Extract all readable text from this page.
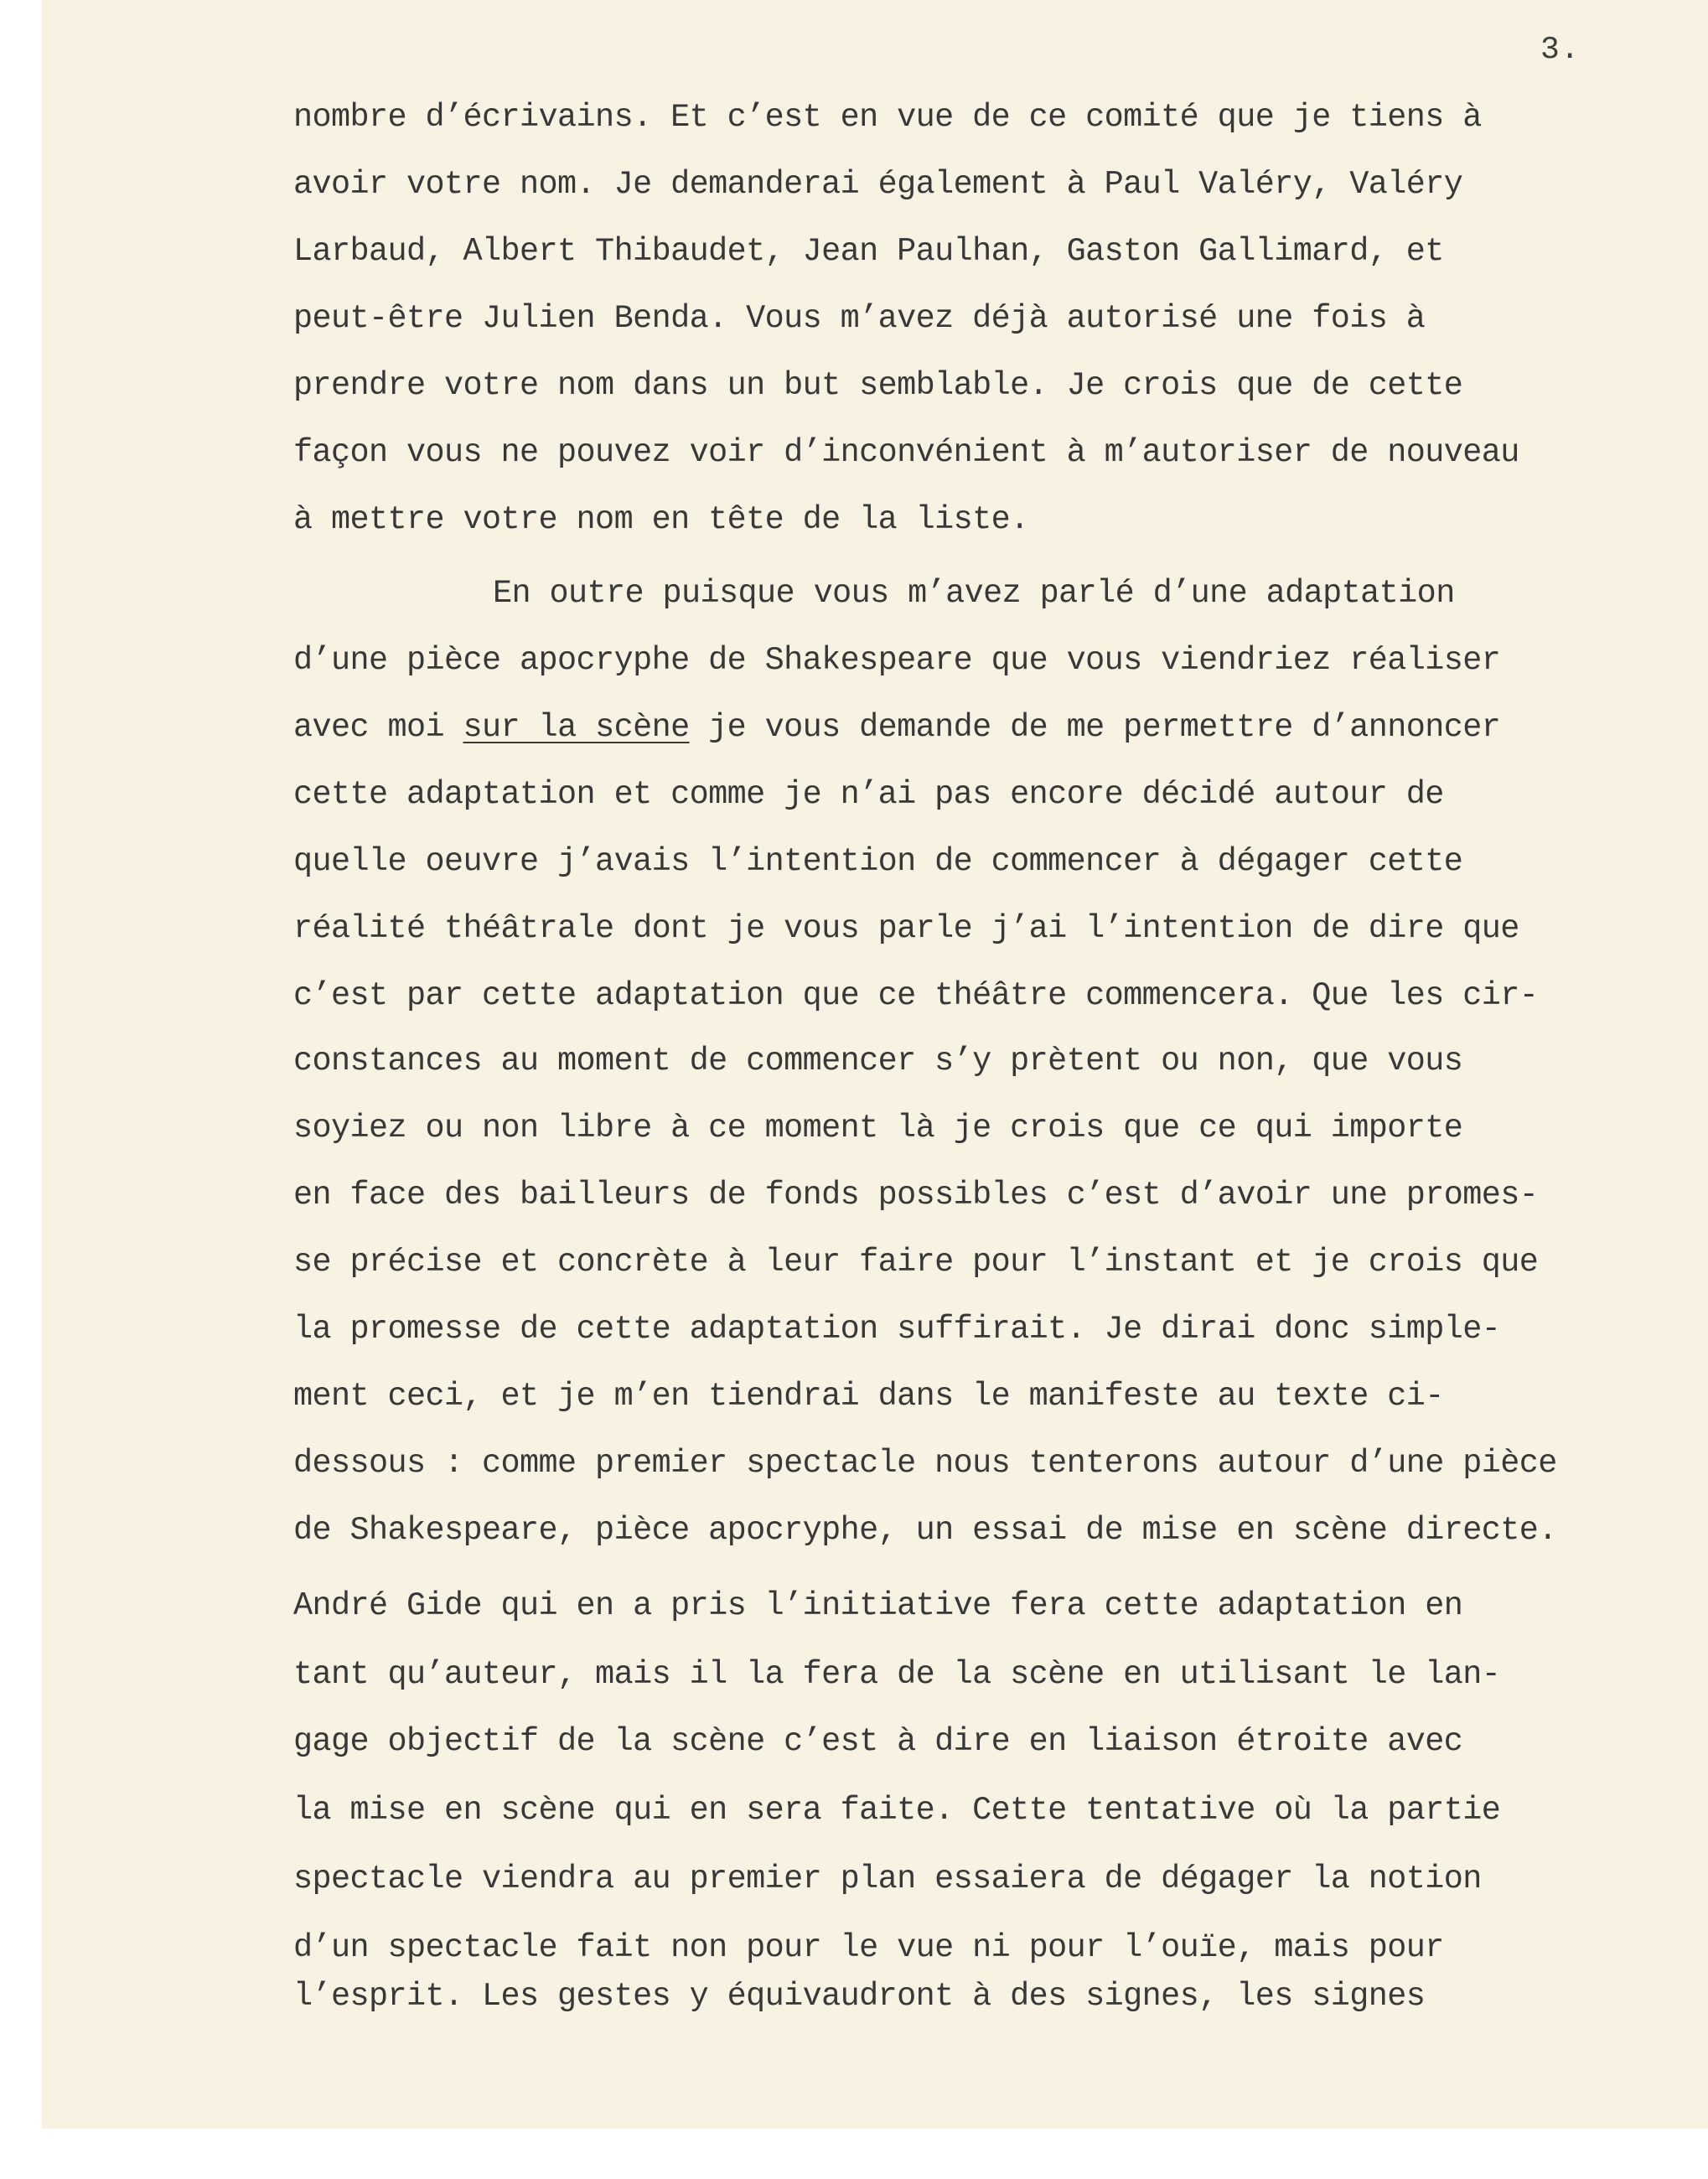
3.
nombre d’écrivains. Et c’est en vue de ce comité que je tiens à
avoir votre nom. Je demanderai également à Paul Valéry, Valéry
Larbaud, Albert Thibaudet, Jean Paulhan, Gaston Gallimard, et
peut-être Julien Benda. Vous m’avez déjà autorisé une fois à
prendre votre nom dans un but semblable. Je crois que de cette
façon vous ne pouvez voir d’inconvénient à m’autoriser de nouveau
à mettre votre nom en tête de la liste.
En outre puisque vous m’avez parlé d’une adaptation
d’une pièce apocryphe de Shakespeare que vous viendriez réaliser
avec moi sur la scène je vous demande de me permettre d’annoncer
cette adaptation et comme je n’ai pas encore décidé autour de
quelle oeuvre j’avais l’intention de commencer à dégager cette
réalité théâtrale dont je vous parle j’ai l’intention de dire que
c’est par cette adaptation que ce théâtre commencera. Que les cir-
constances au moment de commencer s’y prètent ou non, que vous
soyiez ou non libre à ce moment là je crois que ce qui importe
en face des bailleurs de fonds possibles c’est d’avoir une promes-
se précise et concrète à leur faire pour l’instant et je crois que
la promesse de cette adaptation suffirait. Je dirai donc simple-
ment ceci, et je m’en tiendrai dans le manifeste au texte ci-
dessous : comme premier spectacle nous tenterons autour d’une pièce
de Shakespeare, pièce apocryphe, un essai de mise en scène directe.
André Gide qui en a pris l’initiative fera cette adaptation en
tant qu’auteur, mais il la fera de la scène en utilisant le lan-
gage objectif de la scène c’est à dire en liaison étroite avec
la mise en scène qui en sera faite. Cette tentative où la partie
spectacle viendra au premier plan essaiera de dégager la notion
d’un spectacle fait non pour le vue ni pour l’ouïe, mais pour
l’esprit. Les gestes y équivaudront à des signes, les signes
